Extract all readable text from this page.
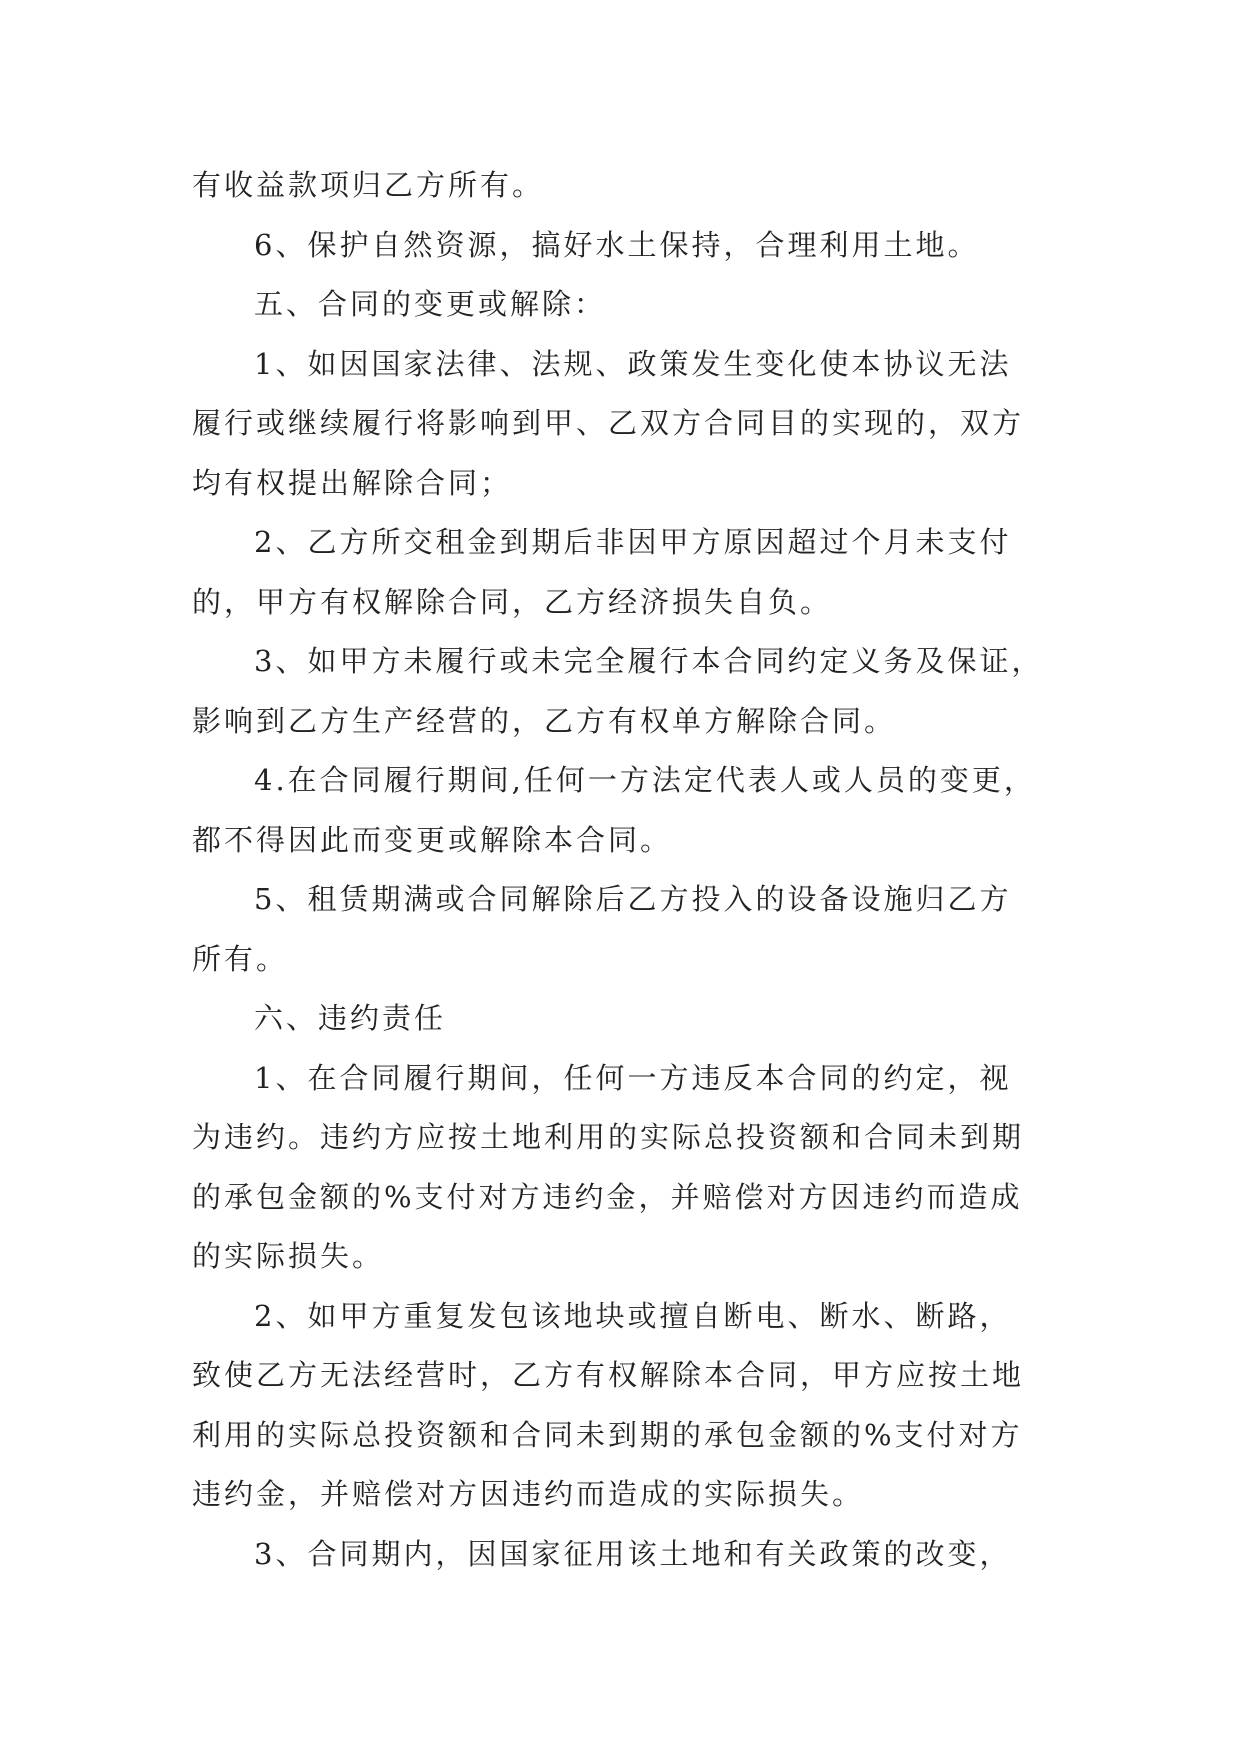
有收益款项归乙方所有。
6、保护自然资源，搞好水土保持，合理利用土地。
五、合同的变更或解除：
1、如因国家法律、法规、政策发生变化使本协议无法
履行或继续履行将影响到甲、乙双方合同目的实现的，双方
均有权提出解除合同；
2、乙方所交租金到期后非因甲方原因超过个月未支付
的，甲方有权解除合同，乙方经济损失自负。
3、如甲方未履行或未完全履行本合同约定义务及保证，
影响到乙方生产经营的，乙方有权单方解除合同。
4.在合同履行期间,任何一方法定代表人或人员的变更，
都不得因此而变更或解除本合同。
5、租赁期满或合同解除后乙方投入的设备设施归乙方
所有。
六、违约责任
1、在合同履行期间，任何一方违反本合同的约定，视
为违约。违约方应按土地利用的实际总投资额和合同未到期
的承包金额的%支付对方违约金，并赔偿对方因违约而造成
的实际损失。
2、如甲方重复发包该地块或擅自断电、断水、断路，
致使乙方无法经营时，乙方有权解除本合同，甲方应按土地
利用的实际总投资额和合同未到期的承包金额的%支付对方
违约金，并赔偿对方因违约而造成的实际损失。
3、合同期内，因国家征用该土地和有关政策的改变，
